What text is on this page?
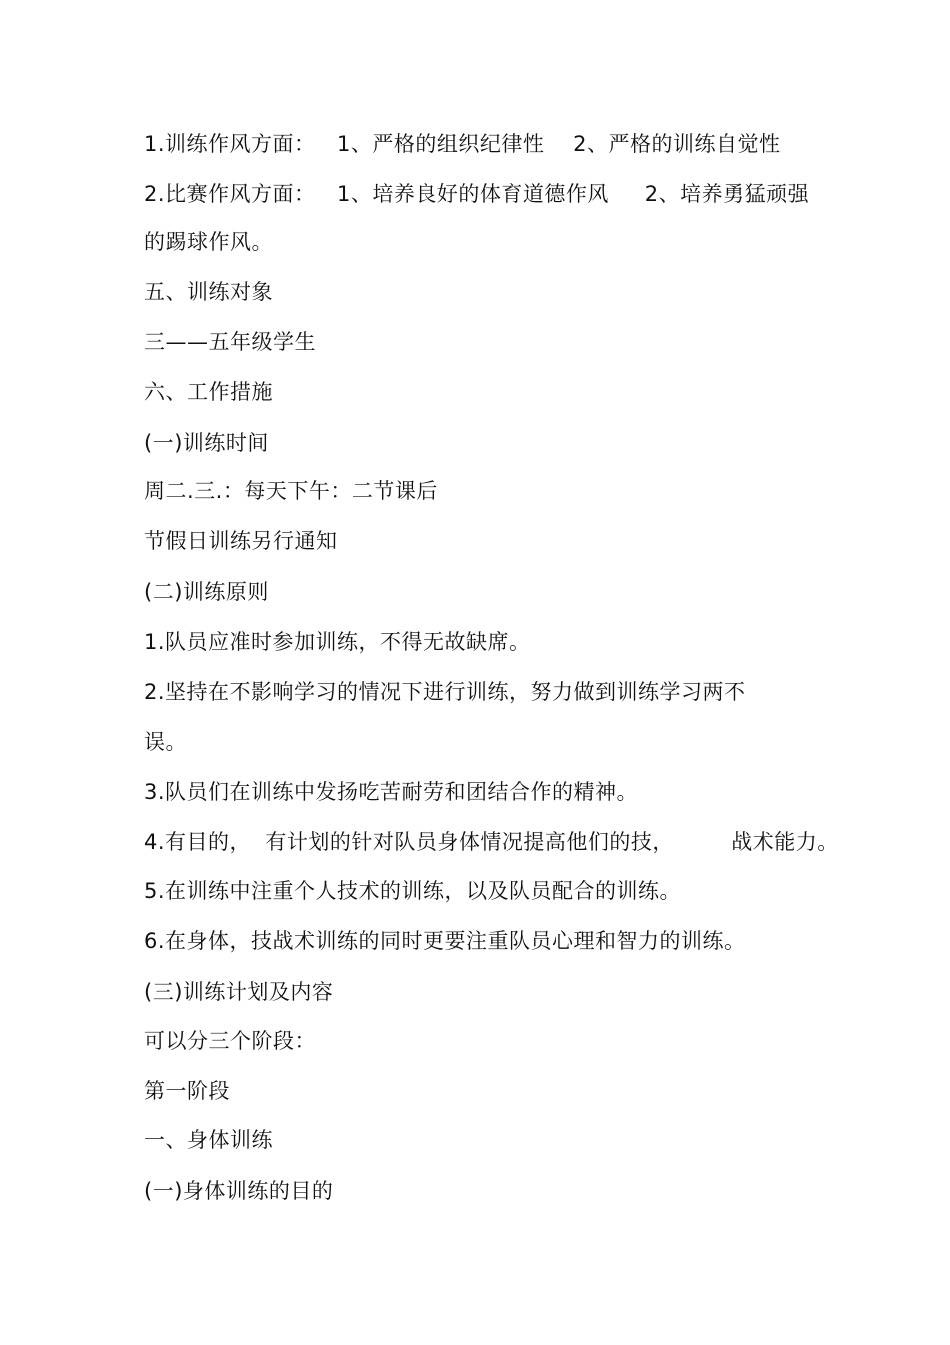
1.训练作风方面：   1、严格的组织纪律性    2、严格的训练自觉性
2.比赛作风方面：   1、培养良好的体育道德作风     2、培养勇猛顽强
的踢球作风。
五、训练对象
三——五年级学生
六、工作措施
(一)训练时间
周二.三.：每天下午：二节课后
节假日训练另行通知
(二)训练原则
1.队员应准时参加训练，不得无故缺席。
2.坚持在不影响学习的情况下进行训练，努力做到训练学习两不
误。
3.队员们在训练中发扬吃苦耐劳和团结合作的精神。
4.有目的，  有计划的针对队员身体情况提高他们的技，        战术能力。
5.在训练中注重个人技术的训练，以及队员配合的训练。
6.在身体，技战术训练的同时更要注重队员心理和智力的训练。
(三)训练计划及内容
可以分三个阶段：
第一阶段
一、身体训练
(一)身体训练的目的
